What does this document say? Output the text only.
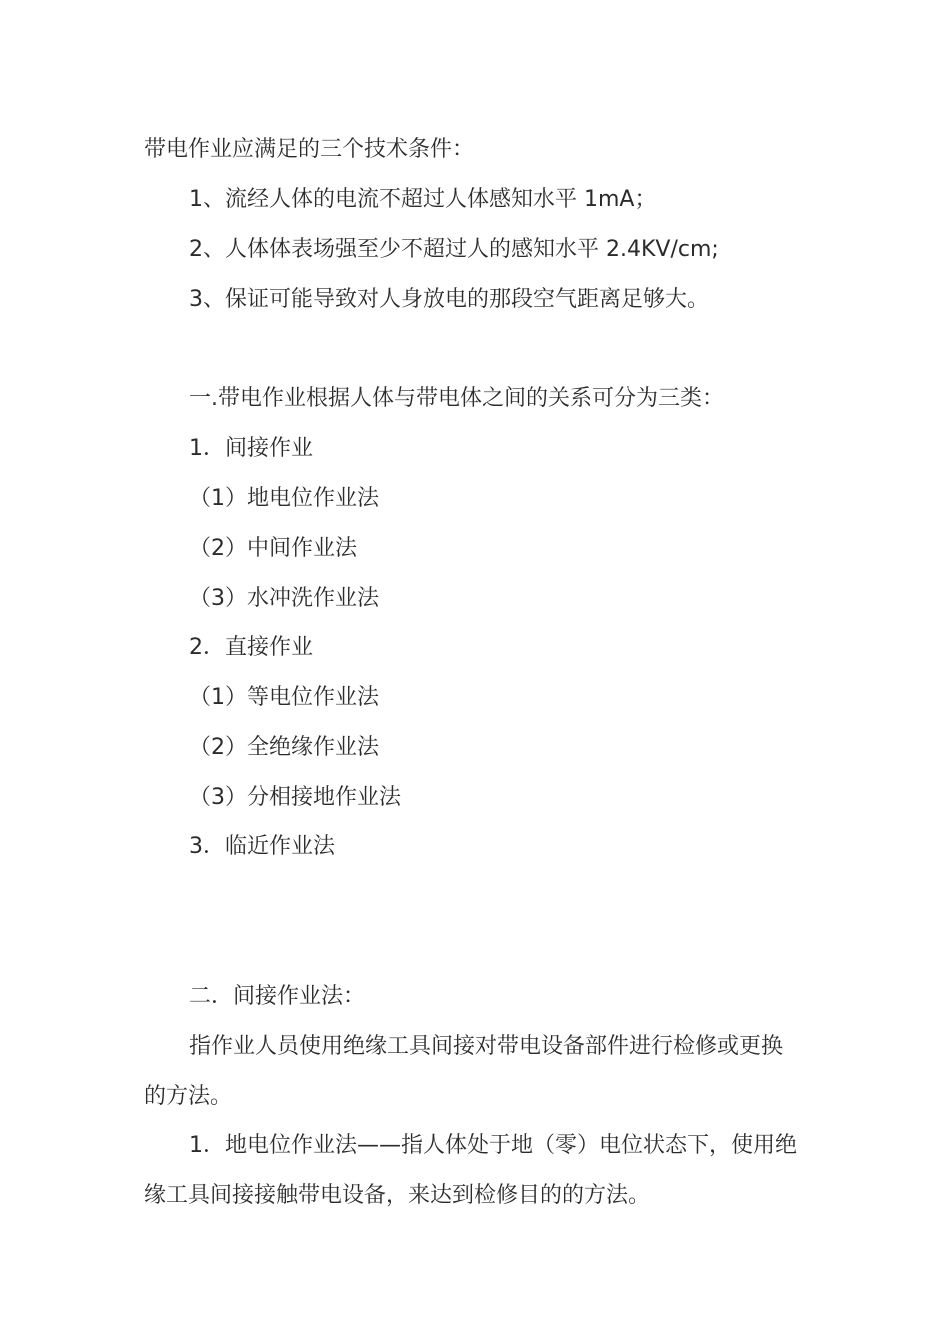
带电作业应满足的三个技术条件：

1、流经人体的电流不超过人体感知水平 1mA；

2、人体体表场强至少不超过人的感知水平 2.4KV/cm;

3、保证可能导致对人身放电的那段空气距离足够大。

一.带电作业根据人体与带电体之间的关系可分为三类：

1．间接作业

（1）地电位作业法

（2）中间作业法

（3）水冲洗作业法

2．直接作业

（1）等电位作业法

（2）全绝缘作业法

（3）分相接地作业法

3．临近作业法

二．间接作业法：

指作业人员使用绝缘工具间接对带电设备部件进行检修或更换

的方法。

1．地电位作业法——指人体处于地（零）电位状态下，使用绝

缘工具间接接触带电设备，来达到检修目的的方法。
